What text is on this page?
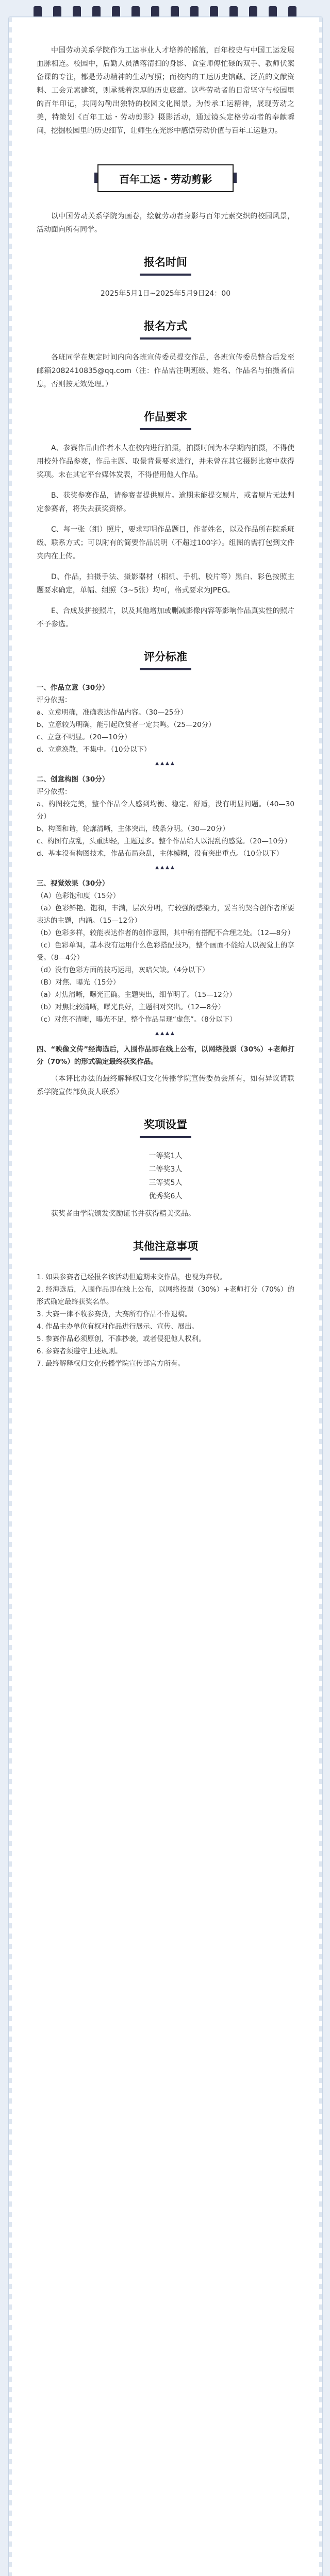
中国劳动关系学院作为工运事业人才培养的摇篮，百年校史与中国工运发展血脉相连。校园中，后勤人员洒落清扫的身影、食堂师傅忙碌的双手、教师伏案备课的专注，都是劳动精神的生动写照；而校内的工运历史馆藏、泛黄的文献资料、工会元素建筑，则承载着深厚的历史底蕴。这些劳动者的日常坚守与校园里的百年印记，共同勾勒出独特的校园文化图景。为传承工运精神，展现劳动之美，特策划《百年工运・劳动剪影》摄影活动，通过镜头定格劳动者的奉献瞬间，挖掘校园里的历史细节，让师生在光影中感悟劳动价值与百年工运魅力。

百年工运・劳动剪影

以中国劳动关系学院为画卷，绘就劳动者身影与百年元素交织的校园风景，活动面向所有同学。

报名时间

2025年5月1日~2025年5月9日24：00

报名方式

各班同学在规定时间内向各班宣传委员提交作品，各班宣传委员整合后发至邮箱2082410835@qq.com（注：作品需注明班级、姓名、作品名与拍摄者信息，否则按无效处理。）

作品要求

A、参赛作品由作者本人在校内进行拍摄，拍摄时间为本学期内拍摄，不得使用校外作品参赛，作品主题、取景背景要求进行，并未曾在其它摄影比赛中获得奖项。未在其它平台媒体发表，不得借用他人作品。

B、获奖参赛作品，请参赛者提供原片。逾期未能提交原片，或者原片无法判定参赛者，将失去获奖资格。

C、每一张（组）照片，要求写明作品题目，作者姓名，以及作品所在院系班级、联系方式；可以附有的简要作品说明（不超过100字）。组图的需打包到文件夹内在上传。

D、作品，拍摄手法、摄影器材（相机、手机、胶片等）黑白、彩色按照主题要求确定，单幅、组照（3~5张）均可，格式要求为JPEG。

E、合成及拼接照片，以及其他增加或删减影像内容等影响作品真实性的照片不予参选。

评分标准

一、作品立意（30分）

评分依据：

a、立意明确，准确表达作品内容。（30—25分）

b、立意较为明确，能引起欣赏者一定共鸣。（25—20分）

c、立意不明显。（20—10分）

d、立意涣散，不集中。（10分以下）

▲▲▲▲

二、创意构图（30分）

评分依据：

a、构图较完美，整个作品令人感到均衡、稳定、舒适，没有明显问题。（40—30分）

b、构图和谐，轮廓清晰，主体突出，线条分明。（30—20分）

c、构图有点乱，头重脚轻，主题过多。整个作品给人以混乱的感觉。（20—10分）

d、基本没有构图技术，作品布局杂乱，主体模糊，没有突出重点。（10分以下）

▲▲▲▲

三、视觉效果（30分）

（A）色彩饱和度（15分）

（a）色彩鲜艳、饱和，丰满，层次分明，有较强的感染力，妥当的契合创作者所要表达的主题，内涵。（15—12分）

（b）色彩多样，较能表达作者的创作意图，其中稍有搭配不合理之处。（12—8分）

（c）色彩单调，基本没有运用什么色彩搭配技巧，整个画面不能给人以视觉上的享受。（8—4分）

（d）没有色彩方面的技巧运用，灰暗欠缺。（4分以下）

（B）对焦、曝光（15分）

（a）对焦清晰，曝光正确。主题突出，细节明了。（15—12分）

（b）对焦比较清晰，曝光良好，主题相对突出。（12—8分）

（c）对焦不清晰，曝光不足，整个作品呈现“虚焦”。（8分以下）

▲▲▲▲

四、“映像文传”经海选后，入围作品即在线上公布，以网络投票（30%）+老师打分（70%）的形式确定最终获奖作品。

（本评比办法的最终解释权归文化传播学院宣传委员会所有，如有异议请联系学院宣传部负责人联系）

奖项设置

一等奖1人

二等奖3人

三等奖5人

优秀奖6人

获奖者由学院颁发奖励证书并获得精美奖品。

其他注意事项

1. 如果参赛者已经报名该活动但逾期未交作品，也视为弃权。

2. 经海选后，入围作品即在线上公布，以网络投票（30%）+老师打分（70%）的形式确定最终获奖名单。

3. 大赛一律不收参赛费，大赛所有作品不作退稿。

4. 作品主办单位有权对作品进行展示、宣传、展出。

5. 参赛作品必须原创，不准抄袭，或者侵犯他人权利。

6. 参赛者须遵守上述规则。

7. 最终解释权归文化传播学院宣传部官方所有。
